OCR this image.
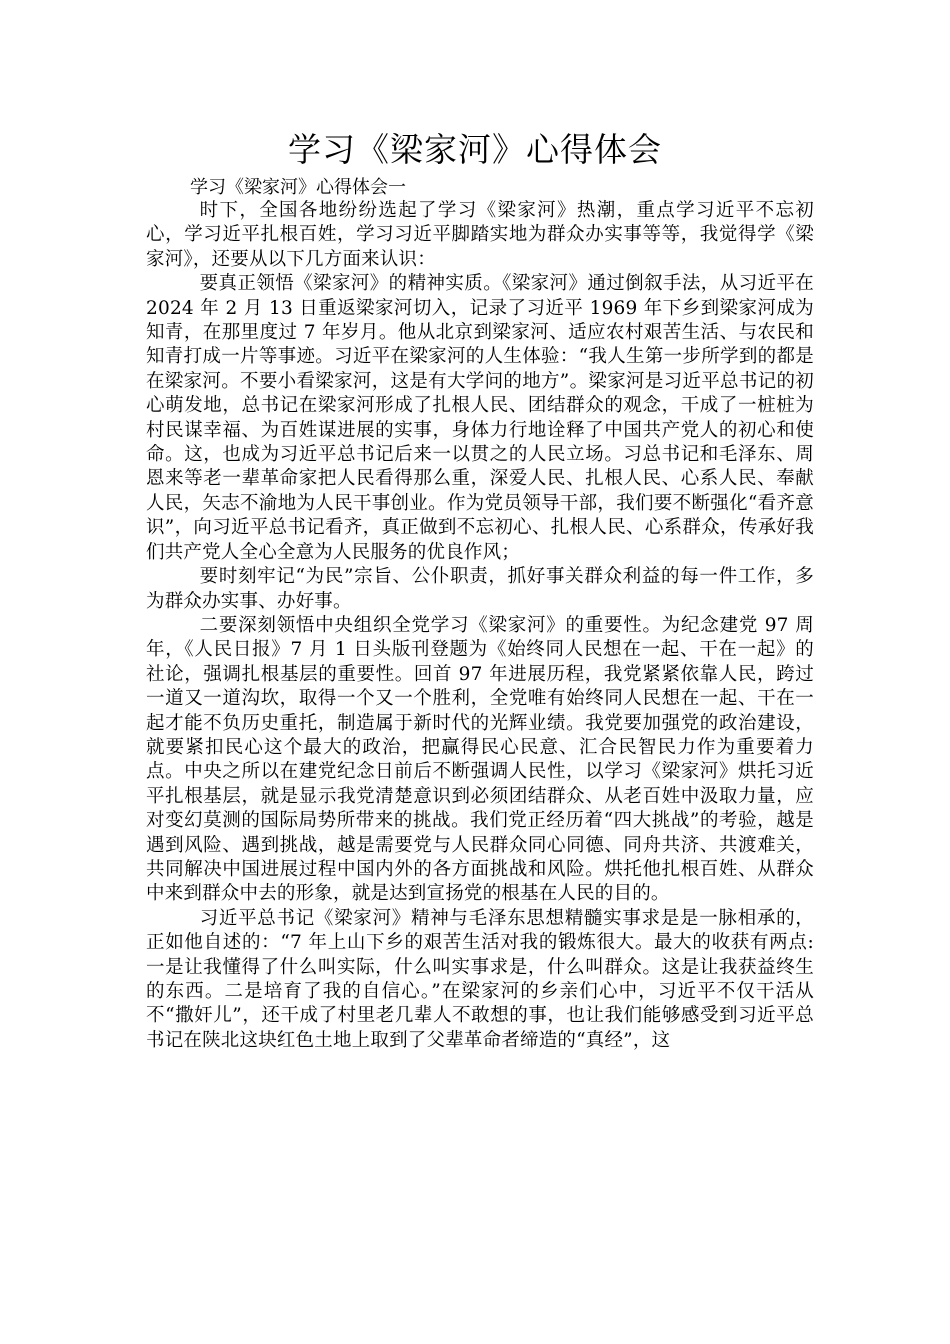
学习《梁家河》心得体会
学习《梁家河》心得体会一

时下，全国各地纷纷选起了学习《梁家河》热潮，重点学习近平不忘初心，学习近平扎根百姓，学习习近平脚踏实地为群众办实事等等，我觉得学《梁家河》，还要从以下几方面来认识：

要真正领悟《梁家河》的精神实质。《梁家河》通过倒叙手法，从习近平在 2024 年 2 月 13 日重返梁家河切入，记录了习近平 1969 年下乡到梁家河成为知青，在那里度过 7 年岁月。他从北京到梁家河、适应农村艰苦生活、与农民和知青打成一片等事迹。习近平在梁家河的人生体验：“我人生第一步所学到的都是在梁家河。不要小看梁家河，这是有大学问的地方”。梁家河是习近平总书记的初心萌发地，总书记在梁家河形成了扎根人民、团结群众的观念，干成了一桩桩为村民谋幸福、为百姓谋进展的实事，身体力行地诠释了中国共产党人的初心和使命。这，也成为习近平总书记后来一以贯之的人民立场。习总书记和毛泽东、周恩来等老一辈革命家把人民看得那么重，深爱人民、扎根人民、心系人民、奉献人民，矢志不渝地为人民干事创业。作为党员领导干部，我们要不断强化“看齐意识”，向习近平总书记看齐，真正做到不忘初心、扎根人民、心系群众，传承好我们共产党人全心全意为人民服务的优良作风；

要时刻牢记“为民”宗旨、公仆职责，抓好事关群众利益的每一件工作，多为群众办实事、办好事。

二要深刻领悟中央组织全党学习《梁家河》的重要性。为纪念建党 97 周年，《人民日报》7 月 1 日头版刊登题为《始终同人民想在一起、干在一起》的社论，强调扎根基层的重要性。回首 97 年进展历程，我党紧紧依靠人民，跨过一道又一道沟坎，取得一个又一个胜利，全党唯有始终同人民想在一起、干在一起才能不负历史重托，制造属于新时代的光辉业绩。我党要加强党的政治建设，就要紧扣民心这个最大的政治，把赢得民心民意、汇合民智民力作为重要着力点。中央之所以在建党纪念日前后不断强调人民性，以学习《梁家河》烘托习近平扎根基层，就是显示我党清楚意识到必须团结群众、从老百姓中汲取力量，应对变幻莫测的国际局势所带来的挑战。我们党正经历着“四大挑战”的考验，越是遇到风险、遇到挑战，越是需要党与人民群众同心同德、同舟共济、共渡难关，共同解决中国进展过程中国内外的各方面挑战和风险。烘托他扎根百姓、从群众中来到群众中去的形象，就是达到宣扬党的根基在人民的目的。

习近平总书记《梁家河》精神与毛泽东思想精髓实事求是是一脉相承的，正如他自述的：“7 年上山下乡的艰苦生活对我的锻炼很大。最大的收获有两点:一是让我懂得了什么叫实际，什么叫实事求是，什么叫群众。这是让我获益终生的东西。二是培育了我的自信心。”在梁家河的乡亲们心中，习近平不仅干活从不“撒奸儿”，还干成了村里老几辈人不敢想的事，也让我们能够感受到习近平总书记在陕北这块红色土地上取到了父辈革命者缔造的“真经”，这
